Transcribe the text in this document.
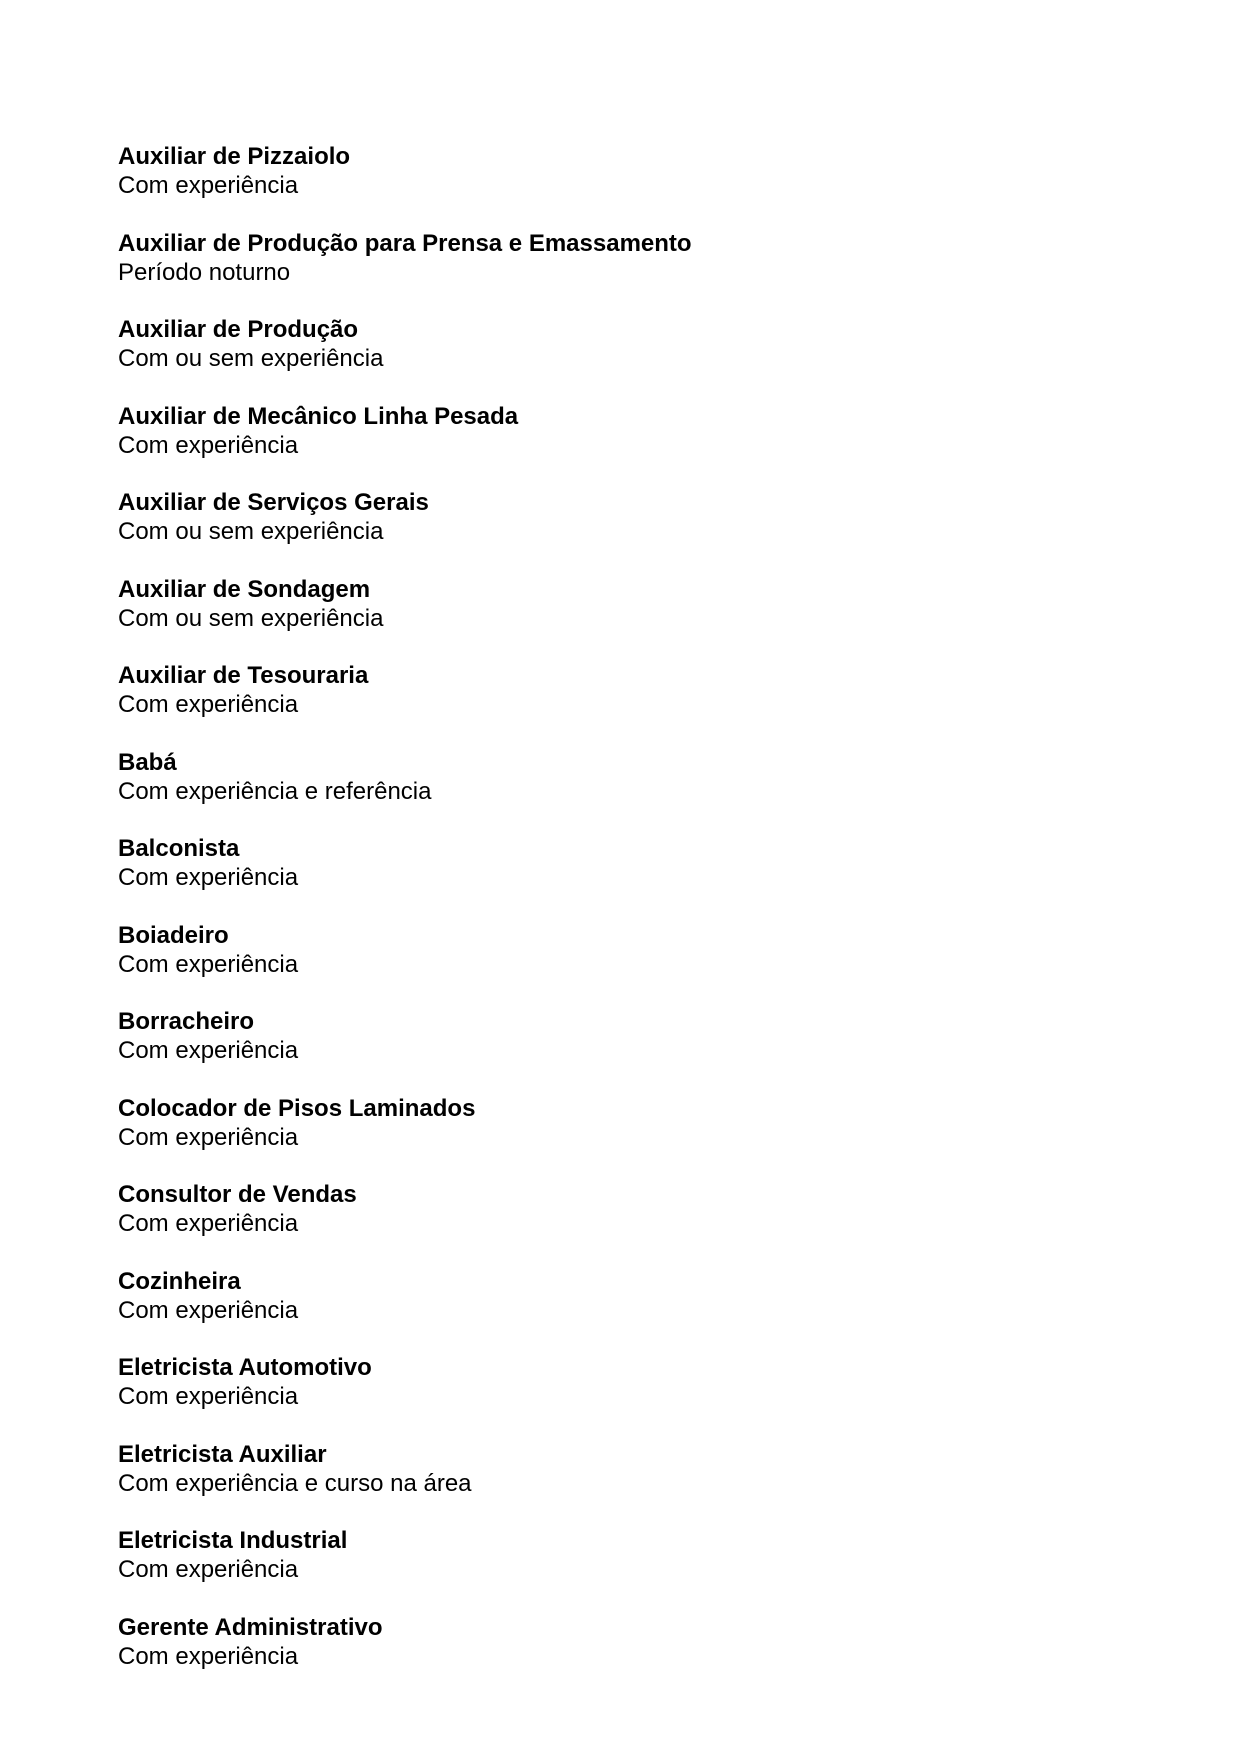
Auxiliar de Pizzaiolo
Com experiência
Auxiliar de Produção para Prensa e Emassamento
Período noturno
Auxiliar de Produção
Com ou sem experiência
Auxiliar de Mecânico Linha Pesada
Com experiência
Auxiliar de Serviços Gerais
Com ou sem experiência
Auxiliar de Sondagem
Com ou sem experiência
Auxiliar de Tesouraria
Com experiência
Babá
Com experiência e referência
Balconista
Com experiência
Boiadeiro
Com experiência
Borracheiro
Com experiência
Colocador de Pisos Laminados
Com experiência
Consultor de Vendas
Com experiência
Cozinheira
Com experiência
Eletricista Automotivo
Com experiência
Eletricista Auxiliar
Com experiência e curso na área
Eletricista Industrial
Com experiência
Gerente Administrativo
Com experiência
